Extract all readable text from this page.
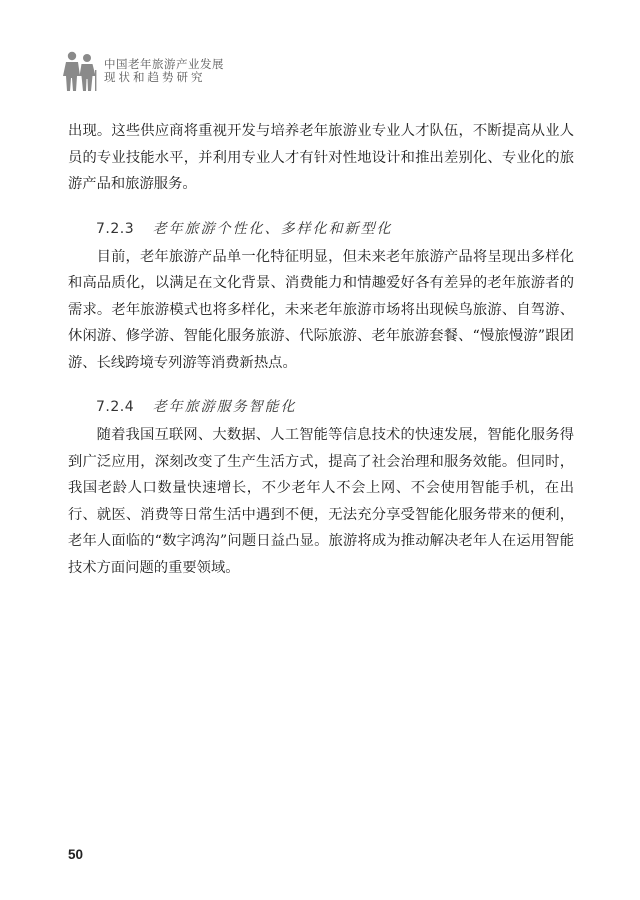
中国老年旅游产业发展
现状和趋势研究

出现。这些供应商将重视开发与培养老年旅游业专业人才队伍，不断提高从业人员的专业技能水平，并利用专业人才有针对性地设计和推出差别化、专业化的旅游产品和旅游服务。

7.2.3 老年旅游个性化、多样化和新型化

目前，老年旅游产品单一化特征明显，但未来老年旅游产品将呈现出多样化和高品质化，以满足在文化背景、消费能力和情趣爱好各有差异的老年旅游者的需求。老年旅游模式也将多样化，未来老年旅游市场将出现候鸟旅游、自驾游、休闲游、修学游、智能化服务旅游、代际旅游、老年旅游套餐、“慢旅慢游”跟团游、长线跨境专列游等消费新热点。

7.2.4 老年旅游服务智能化

随着我国互联网、大数据、人工智能等信息技术的快速发展，智能化服务得到广泛应用，深刻改变了生产生活方式，提高了社会治理和服务效能。但同时，我国老龄人口数量快速增长，不少老年人不会上网、不会使用智能手机，在出行、就医、消费等日常生活中遇到不便，无法充分享受智能化服务带来的便利，老年人面临的“数字鸿沟”问题日益凸显。旅游将成为推动解决老年人在运用智能技术方面问题的重要领域。

50
